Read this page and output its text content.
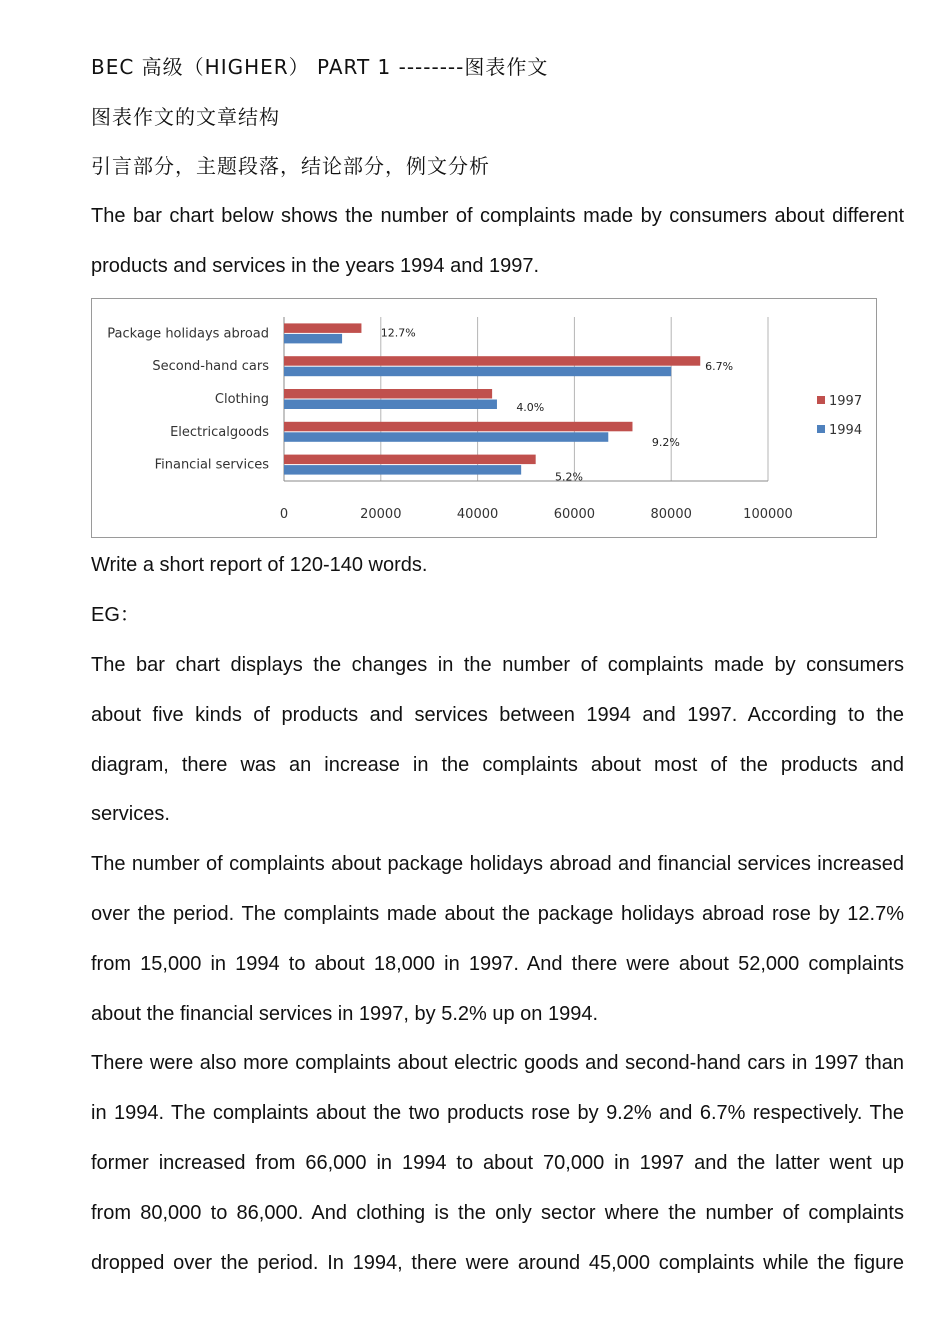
BEC 高级（HIGHER） PART 1 --------图表作文
图表作文的文章结构
引言部分，主题段落，结论部分，例文分析
The bar chart below shows the number of complaints made by consumers about different
products and services in the years 1994 and 1997.
0	20000	40000	60000	80000	100000
Package holidays abroad	12.7%
Second-hand cars	6.7%
Clothing
4.0%
Electricalgoods
9.2%
Financial services
5.2%
1997
1994
Write a short report of 120-140 words.
EG：
The bar chart displays the changes in the number of complaints made by consumers
about five kinds of products and services between 1994 and 1997. According to the
diagram, there was an increase in the complaints about most of the products and
services.
The number of complaints about package holidays abroad and financial services increased
over the period. The complaints made about the package holidays abroad rose by 12.7%
from 15,000 in 1994 to about 18,000 in 1997. And there were about 52,000 complaints
about the financial services in 1997, by 5.2% up on 1994.
There were also more complaints about electric goods and second-hand cars in 1997 than
in 1994. The complaints about the two products rose by 9.2% and 6.7% respectively. The
former increased from 66,000 in 1994 to about 70,000 in 1997 and the latter went up
from 80,000 to 86,000. And clothing is the only sector where the number of complaints
dropped over the period. In 1994, there were around 45,000 complaints while the figure
